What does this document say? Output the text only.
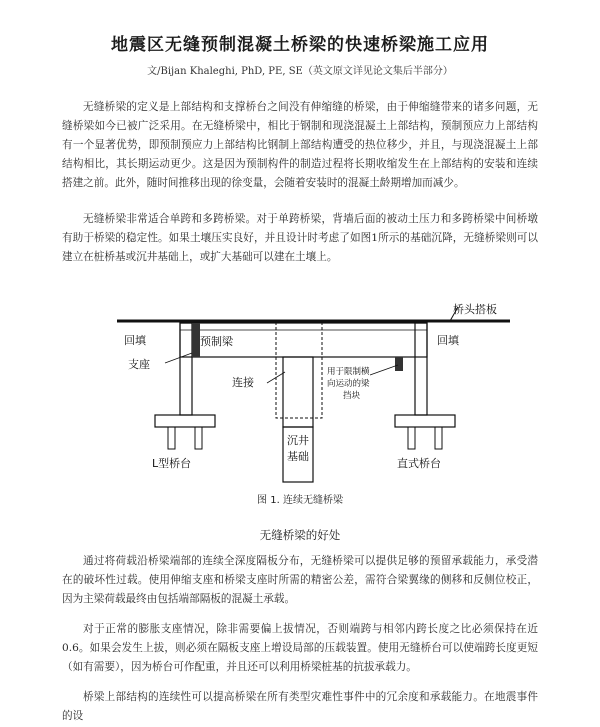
地震区无缝预制混凝土桥梁的快速桥梁施工应用
文/Bijan Khaleghi, PhD, PE, SE（英文原文详见论文集后半部分）

无缝桥梁的定义是上部结构和支撑桥台之间没有伸缩缝的桥梁，由于伸缩缝带来的诸多问题，无缝桥梁如今已被广泛采用。在无缝桥梁中，相比于钢制和现浇混凝土上部结构，预制预应力上部结构有一个显著优势，即预制预应力上部结构比钢制上部结构遭受的热位移少，并且，与现浇混凝土上部结构相比，其长期运动更少。这是因为预制构件的制造过程将长期收缩发生在上部结构的安装和连续搭建之前。此外，随时间推移出现的徐变量，会随着安装时的混凝土龄期增加而减少。

无缝桥梁非常适合单跨和多跨桥梁。对于单跨桥梁，背墙后面的被动土压力和多跨桥梁中间桥墩有助于桥梁的稳定性。如果土壤压实良好，并且设计时考虑了如图1所示的基础沉降，无缝桥梁则可以建立在桩桥基或沉井基础上，或扩大基础可以建在土壤上。

桥头搭板
回填	回填
预制梁
支座
连接
用于限制横
向运动的梁
挡块
沉井
基础
L型桥台	直式桥台
图 1. 连续无缝桥梁
无缝桥梁的好处

通过将荷载沿桥梁端部的连续全深度隔板分布，无缝桥梁可以提供足够的预留承载能力，承受潜在的破坏性过载。使用伸缩支座和桥梁支座时所需的精密公差，需符合梁翼缘的侧移和反侧位校正，因为主梁荷载最终由包括端部隔板的混凝土承载。

对于正常的膨胀支座情况，除非需要偏上拔情况，否则端跨与相邻内跨长度之比必须保持在近0.6。如果会发生上拔，则必须在隔板支座上增设局部的压载装置。使用无缝桥台可以使端跨长度更短（如有需要），因为桥台可作配重，并且还可以利用桥梁桩基的抗拔承载力。

桥梁上部结构的连续性可以提高桥梁在所有类型灾难性事件中的冗余度和承载能力。在地震事件的设
